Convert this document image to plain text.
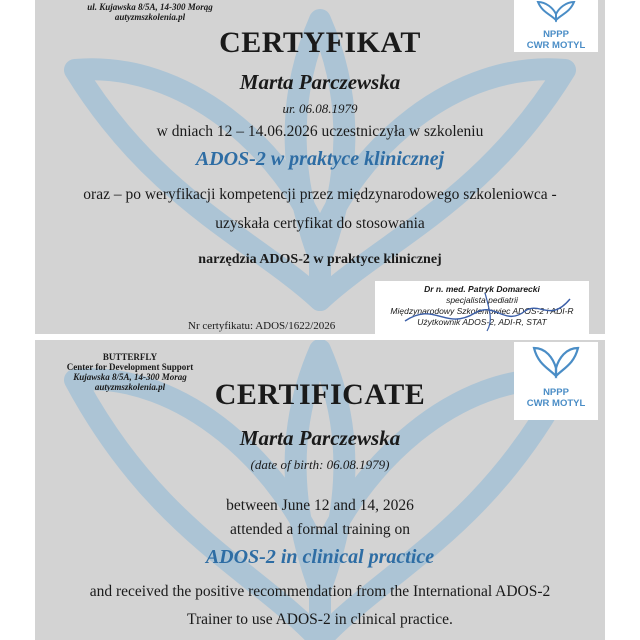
ul. Kujawska 8/5A, 14-300 Morąg
autyzmszkolenia.pl
NPPP
CWR MOTYL
CERTYFIKAT
Marta Parczewska
ur. 06.08.1979
w dniach 12 – 14.06.2026 uczestniczyła w szkoleniu
ADOS-2 w praktyce klinicznej
oraz – po weryfikacji kompetencji przez międzynarodowego szkoleniowca -
uzyskała certyfikat do stosowania
narzędzia ADOS-2 w praktyce klinicznej
Nr certyfikatu: ADOS/1622/2026
Dr n. med. Patryk Domarecki
specjalista pediatrii
Międzynarodowy Szkoleniowiec ADOS-2 i ADI-R
Użytkownik ADOS-2, ADI-R, STAT
BUTTERFLY
Center for Development Support
Kujawska 8/5A, 14-300 Morag
autyzmszkolenia.pl	NPPP
CWR MOTYL
CERTIFICATE
Marta Parczewska
(date of birth: 06.08.1979)
between June 12 and 14, 2026
attended a formal training on
ADOS-2 in clinical practice
and received the positive recommendation from the International ADOS-2
Trainer to use ADOS-2 in clinical practice.
